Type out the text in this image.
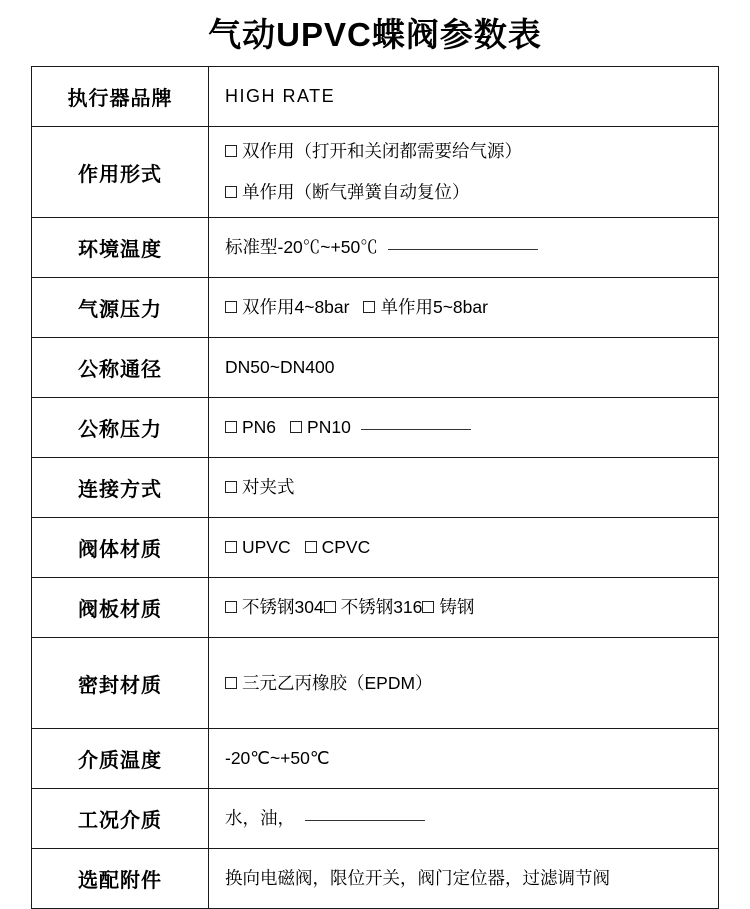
气动UPVC蝶阀参数表
执行器品牌	HIGH RATE

作用形式	双作用（打开和关闭都需要给气源）
单作用（断气弹簧自动复位）

环境温度	标准型-20℃~+50℃

气源压力	双作用4~8bar 单作用5~8bar

公称通径	DN50~DN400

公称压力	PN6 PN10

连接方式	对夹式

阀体材质	UPVC CPVC

阀板材质	不锈钢304 不锈钢316 铸钢

密封材质	三元乙丙橡胶（EPDM）

介质温度	-20℃~+50℃

工况介质	水，油，

选配附件	换向电磁阀，限位开关，阀门定位器，过滤调节阀
